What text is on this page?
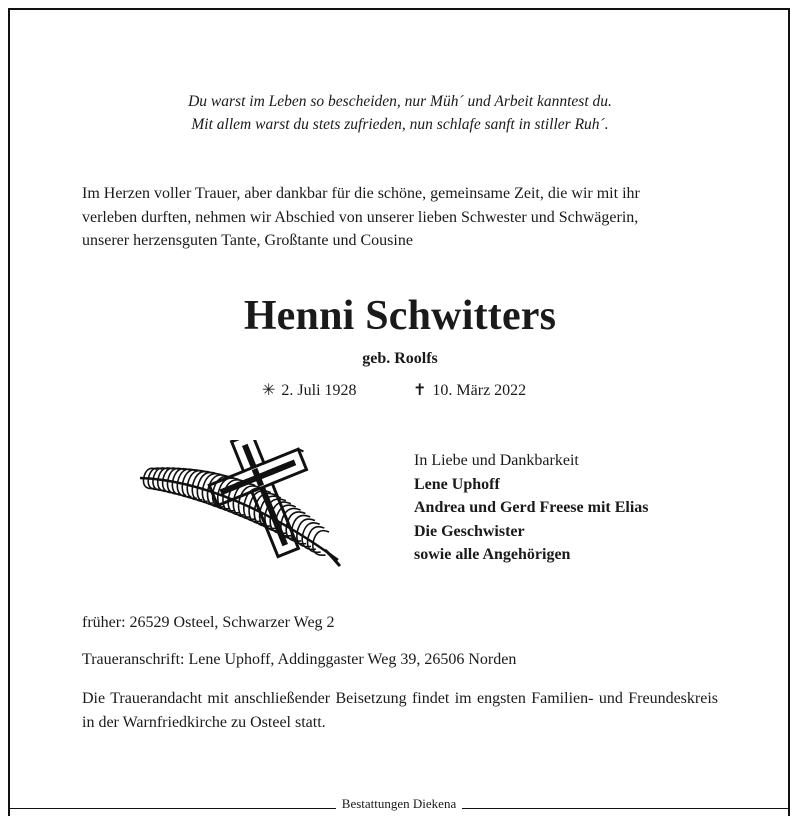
Du warst im Leben so bescheiden, nur Müh´ und Arbeit kanntest du.
Mit allem warst du stets zufrieden, nun schlafe sanft in stiller Ruh´.
Im Herzen voller Trauer, aber dankbar für die schöne, gemeinsame Zeit, die wir mit ihr
verleben durften, nehmen wir Abschied von unserer lieben Schwester und Schwägerin,
unserer herzensguten Tante, Großtante und Cousine
Henni Schwitters
geb. Roolfs
✳ 2. Juli 1928	✝ 10. März 2022
In Liebe und Dankbarkeit
Lene Uphoff
Andrea und Gerd Freese mit Elias
Die Geschwister
sowie alle Angehörigen
früher: 26529 Osteel, Schwarzer Weg 2
Traueranschrift: Lene Uphoff, Addinggaster Weg 39, 26506 Norden
Die Trauerandacht mit anschließender Beisetzung findet im engsten Familien- und Freundeskreis in der Warnfriedkirche zu Osteel statt.
Bestattungen Diekena
